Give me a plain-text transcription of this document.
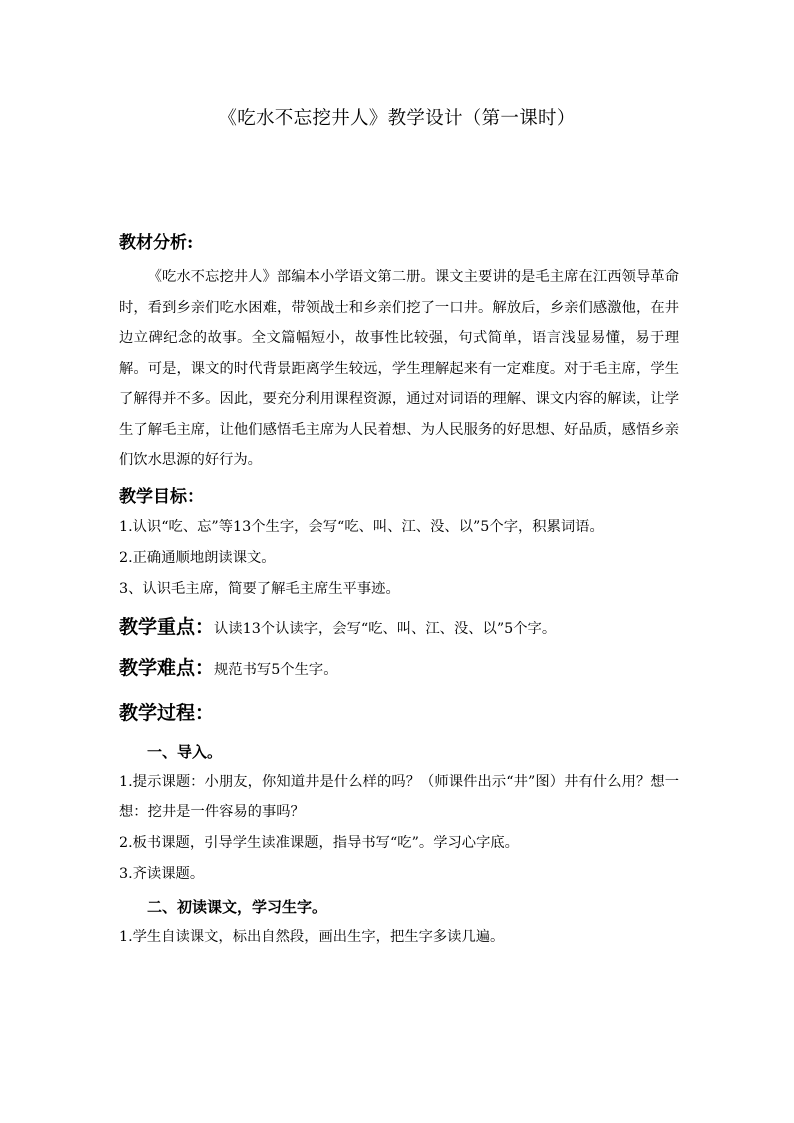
《吃水不忘挖井人》教学设计（第一课时）

教材分析:

《吃水不忘挖井人》部编本小学语文第二册。课文主要讲的是毛主席在江西领导革命时，看到乡亲们吃水困难，带领战士和乡亲们挖了一口井。解放后，乡亲们感激他，在井边立碑纪念的故事。全文篇幅短小，故事性比较强，句式简单，语言浅显易懂，易于理解。可是，课文的时代背景距离学生较远，学生理解起来有一定难度。对于毛主席，学生了解得并不多。因此，要充分利用课程资源，通过对词语的理解、课文内容的解读，让学生了解毛主席，让他们感悟毛主席为人民着想、为人民服务的好思想、好品质，感悟乡亲们饮水思源的好行为。

教学目标：

1.认识“吃、忘”等13个生字，会写“吃、叫、江、没、以”5个字，积累词语。

2.正确通顺地朗读课文。

3、认识毛主席，简要了解毛主席生平事迹。

教学重点：认读13个认读字，会写“吃、叫、江、没、以”5个字。
教学难点：规范书写5个生字。

教学过程：

一、导入。

1.提示课题：小朋友，你知道井是什么样的吗？（师课件出示“井”图）井有什么用？想一想：挖井是一件容易的事吗？

2.板书课题，引导学生读准课题，指导书写“吃”。学习心字底。

3.齐读课题。

二、初读课文，学习生字。

1.学生自读课文，标出自然段，画出生字，把生字多读几遍。
